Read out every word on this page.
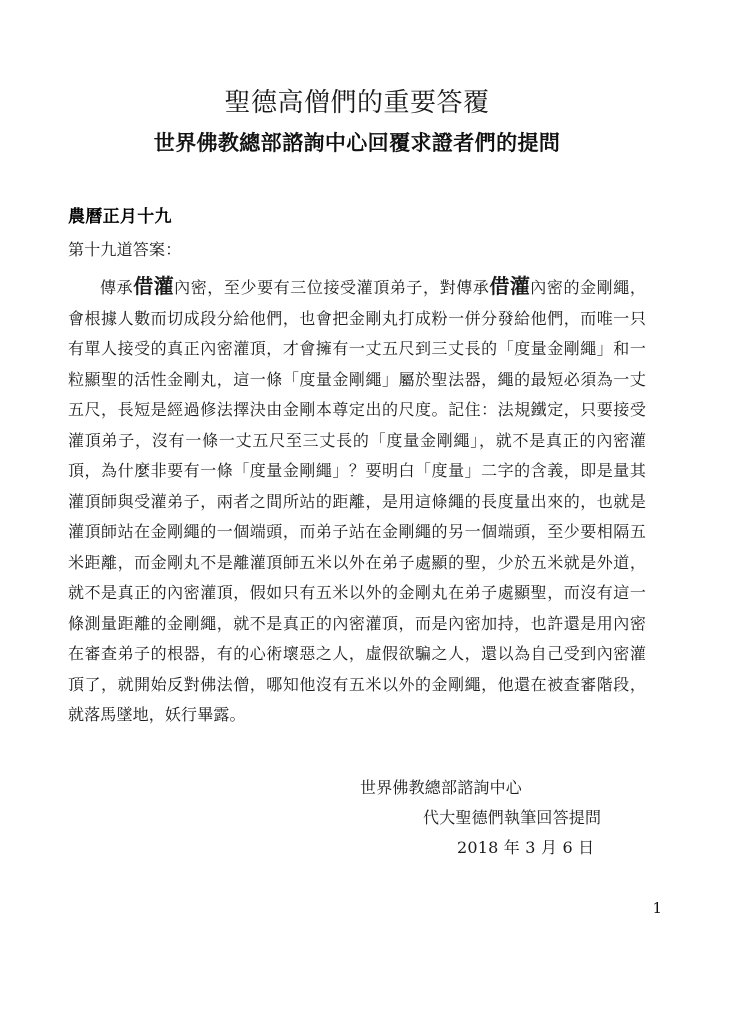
聖德高僧們的重要答覆
世界佛教總部諮詢中心回覆求證者們的提問
農曆正月十九

第十九道答案：

傳承借灌內密，至少要有三位接受灌頂弟子，對傳承借灌內密的金剛繩，會根據人數而切成段分給他們，也會把金剛丸打成粉一併分發給他們，而唯一只有單人接受的真正內密灌頂，才會擁有一丈五尺到三丈長的「度量金剛繩」和一粒顯聖的活性金剛丸，這一條「度量金剛繩」屬於聖法器，繩的最短必須為一丈五尺，長短是經過修法擇決由金剛本尊定出的尺度。記住：法規鐵定，只要接受灌頂弟子，沒有一條一丈五尺至三丈長的「度量金剛繩」，就不是真正的內密灌頂，為什麼非要有一條「度量金剛繩」？要明白「度量」二字的含義，即是量其灌頂師與受灌弟子，兩者之間所站的距離，是用這條繩的長度量出來的，也就是灌頂師站在金剛繩的一個端頭，而弟子站在金剛繩的另一個端頭，至少要相隔五米距離，而金剛丸不是離灌頂師五米以外在弟子處顯的聖，少於五米就是外道，就不是真正的內密灌頂，假如只有五米以外的金剛丸在弟子處顯聖，而沒有這一條測量距離的金剛繩，就不是真正的內密灌頂，而是內密加持，也許還是用內密在審查弟子的根器，有的心術壞惡之人，虛假欲騙之人，還以為自己受到內密灌頂了，就開始反對佛法僧，哪知他沒有五米以外的金剛繩，他還在被查審階段，就落馬墜地，妖行畢露。

世界佛教總部諮詢中心

代大聖德們執筆回答提問

2018 年 3 月 6 日

1
